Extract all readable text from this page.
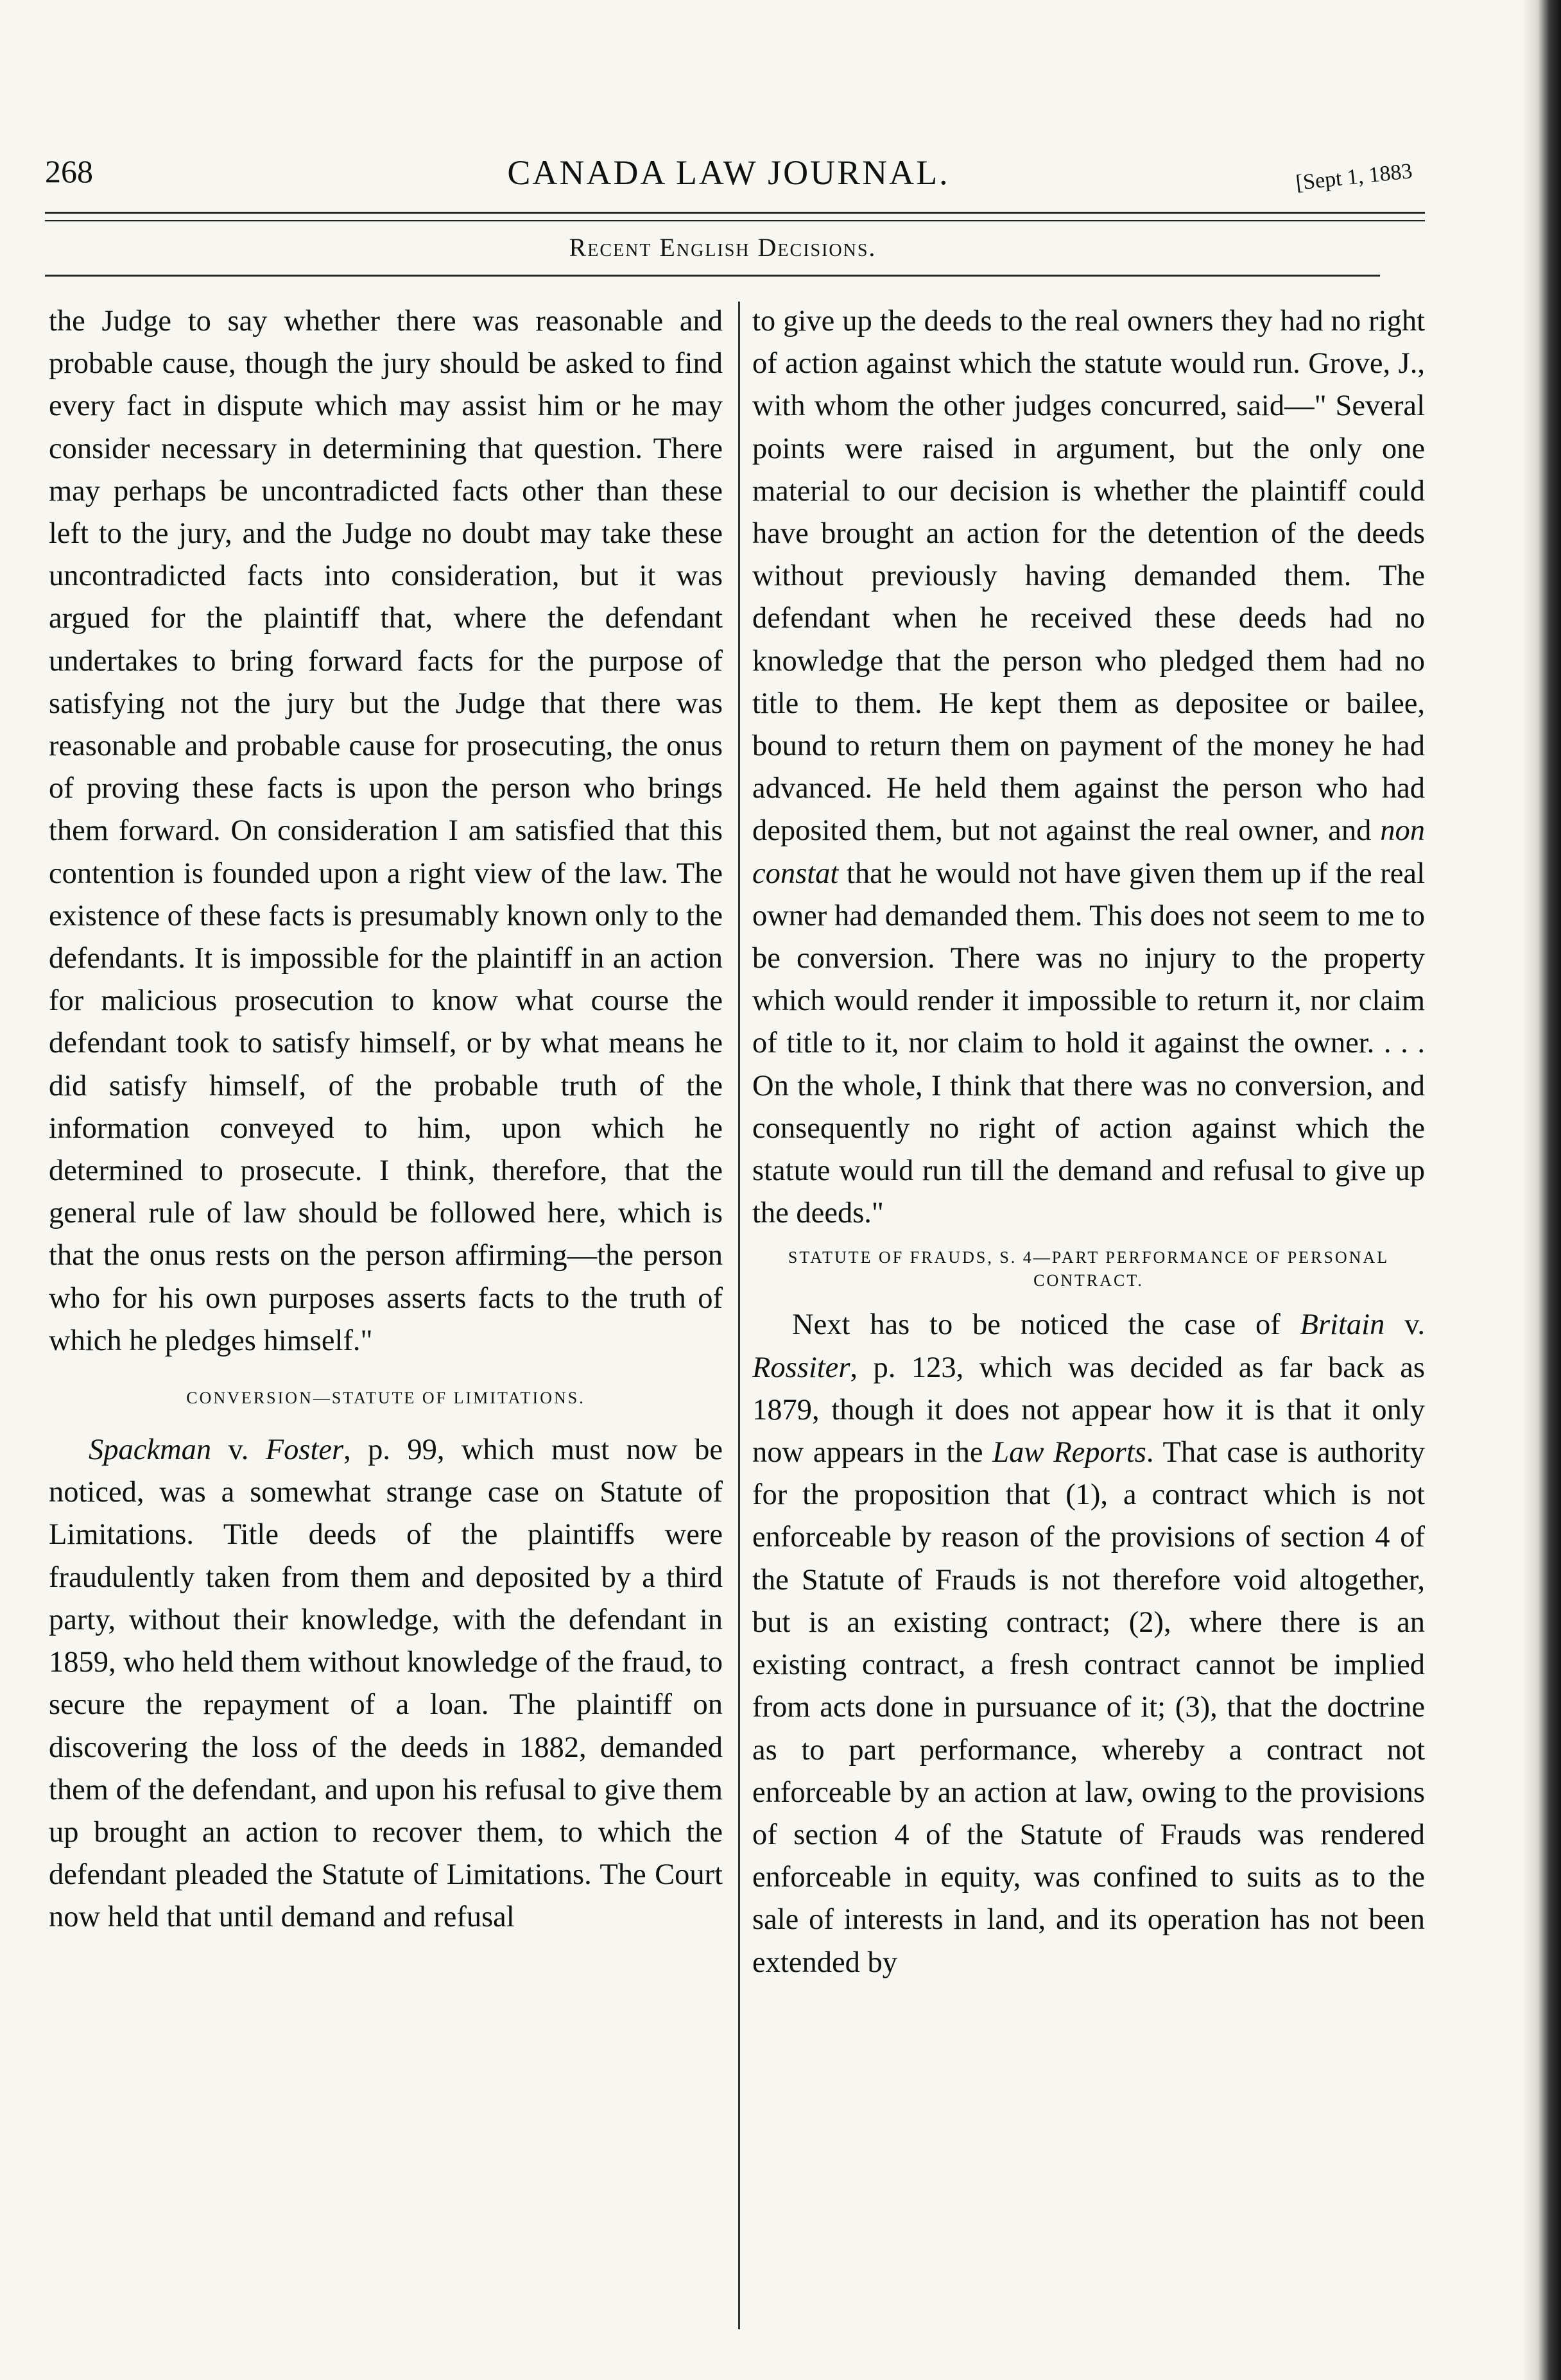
268	CANADA LAW JOURNAL.	[Sept 1, 1883
Recent English Decisions.

the Judge to say whether there was reasonable and probable cause, though the jury should be asked to find every fact in dispute which may assist him or he may consider necessary in determining that question. There may perhaps be uncontradicted facts other than these left to the jury, and the Judge no doubt may take these uncontradicted facts into consideration, but it was argued for the plaintiff that, where the defendant undertakes to bring forward facts for the purpose of satisfying not the jury but the Judge that there was reasonable and probable cause for prosecuting, the onus of proving these facts is upon the person who brings them forward. On consideration I am satisfied that this contention is founded upon a right view of the law. The existence of these facts is presumably known only to the defendants. It is impossible for the plaintiff in an action for malicious prosecution to know what course the defendant took to satisfy himself, or by what means he did satisfy himself, of the probable truth of the information conveyed to him, upon which he determined to prosecute. I think, therefore, that the general rule of law should be followed here, which is that the onus rests on the person affirming—the person who for his own purposes asserts facts to the truth of which he pledges himself."

CONVERSION—STATUTE OF LIMITATIONS.

Spackman v. Foster, p. 99, which must now be noticed, was a somewhat strange case on Statute of Limitations. Title deeds of the plaintiffs were fraudulently taken from them and deposited by a third party, without their knowledge, with the defendant in 1859, who held them without knowledge of the fraud, to secure the repayment of a loan. The plaintiff on discovering the loss of the deeds in 1882, demanded them of the defendant, and upon his refusal to give them up brought an action to recover them, to which the defendant pleaded the Statute of Limitations. The Court now held that until demand and refusal

to give up the deeds to the real owners they had no right of action against which the statute would run. Grove, J., with whom the other judges concurred, said—" Several points were raised in argument, but the only one material to our decision is whether the plaintiff could have brought an action for the detention of the deeds without previously having demanded them. The defendant when he received these deeds had no knowledge that the person who pledged them had no title to them. He kept them as depositee or bailee, bound to return them on payment of the money he had advanced. He held them against the person who had deposited them, but not against the real owner, and non constat that he would not have given them up if the real owner had demanded them. This does not seem to me to be conversion. There was no injury to the property which would render it impossible to return it, nor claim of title to it, nor claim to hold it against the owner. . . . On the whole, I think that there was no conversion, and consequently no right of action against which the statute would run till the demand and refusal to give up the deeds."

STATUTE OF FRAUDS, S. 4—PART PERFORMANCE OF PERSONAL
CONTRACT.

Next has to be noticed the case of Britain v. Rossiter, p. 123, which was decided as far back as 1879, though it does not appear how it is that it only now appears in the Law Reports. That case is authority for the proposition that (1), a contract which is not enforceable by reason of the provisions of section 4 of the Statute of Frauds is not therefore void altogether, but is an existing contract; (2), where there is an existing contract, a fresh contract cannot be implied from acts done in pursuance of it; (3), that the doctrine as to part performance, whereby a contract not enforceable by an action at law, owing to the provisions of section 4 of the Statute of Frauds was rendered enforceable in equity, was confined to suits as to the sale of interests in land, and its operation has not been extended by
